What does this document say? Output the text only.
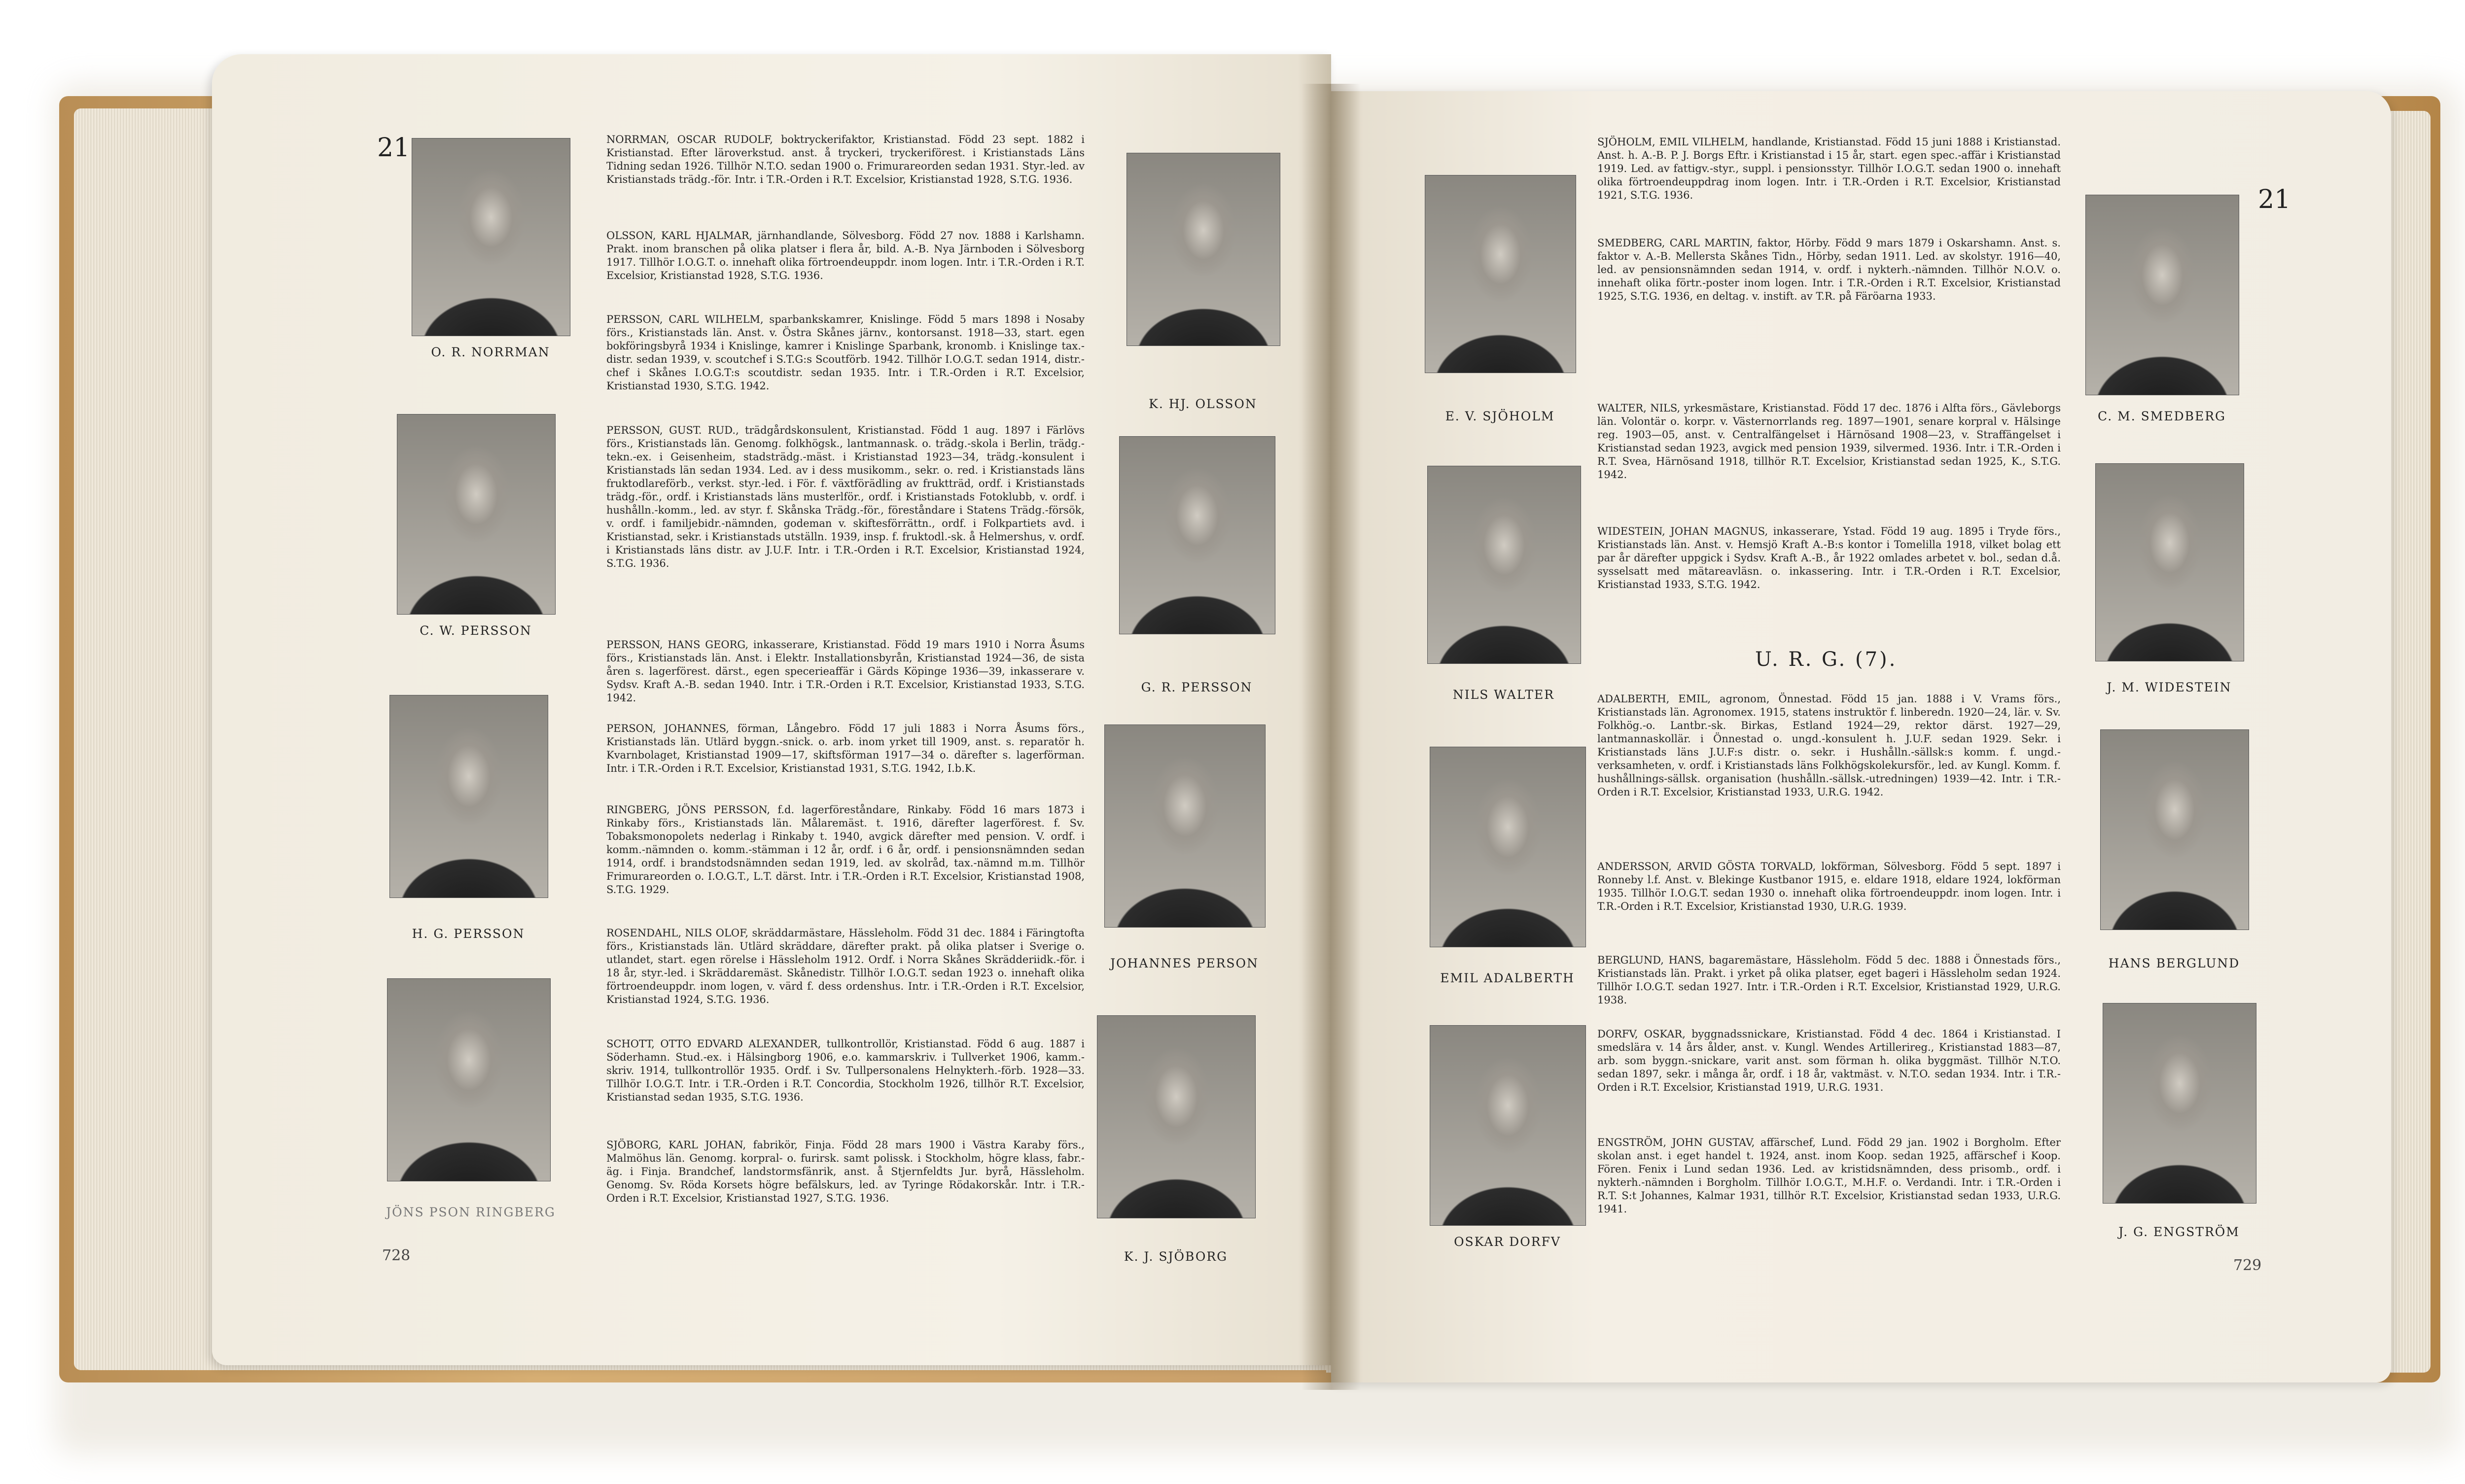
21
O. R. NORRMAN
C. W. PERSSON
H. G. PERSSON
JÖNS PSON RINGBERG
728
NORRMAN, OSCAR RUDOLF, boktryckerifaktor, Kristianstad. Född 23 sept. 1882 i Kristianstad. Efter läroverkstud. anst. å tryckeri, tryckeriförest. i Kristianstads Läns Tidning sedan 1926. Tillhör N.T.O. sedan 1900 o. Frimurareorden sedan 1931. Styr.-led. av Kristianstads trädg.-för. Intr. i T.R.-Orden i R.T. Excelsior, Kristianstad 1928, S.T.G. 1936.
OLSSON, KARL HJALMAR, järnhandlande, Sölvesborg. Född 27 nov. 1888 i Karlshamn. Prakt. inom branschen på olika platser i flera år, bild. A.-B. Nya Järnboden i Sölvesborg 1917. Tillhör I.O.G.T. o. innehaft olika förtroendeuppdr. inom logen. Intr. i T.R.-Orden i R.T. Excelsior, Kristianstad 1928, S.T.G. 1936.
PERSSON, CARL WILHELM, sparbankskamrer, Knislinge. Född 5 mars 1898 i Nosaby förs., Kristianstads län. Anst. v. Östra Skånes järnv., kontorsanst. 1918—33, start. egen bokföringsbyrå 1934 i Knislinge, kamrer i Knislinge Sparbank, kronomb. i Knislinge tax.-distr. sedan 1939, v. scoutchef i S.T.G:s Scoutförb. 1942. Tillhör I.O.G.T. sedan 1914, distr.-chef i Skånes I.O.G.T:s scoutdistr. sedan 1935. Intr. i T.R.-Orden i R.T. Excelsior, Kristianstad 1930, S.T.G. 1942.
PERSSON, GUST. RUD., trädgårdskonsulent, Kristianstad. Född 1 aug. 1897 i Färlövs förs., Kristianstads län. Genomg. folkhögsk., lantmannask. o. trädg.-skola i Berlin, trädg.-tekn.-ex. i Geisenheim, stadsträdg.-mäst. i Kristianstad 1923—34, trädg.-konsulent i Kristianstads län sedan 1934. Led. av i dess musikomm., sekr. o. red. i Kristianstads läns fruktodlareförb., verkst. styr.-led. i För. f. växtförädling av fruktträd, ordf. i Kristianstads trädg.-för., ordf. i Kristianstads läns musterlför., ordf. i Kristianstads Fotoklubb, v. ordf. i hushålln.-komm., led. av styr. f. Skånska Trädg.-för., föreståndare i Statens Trädg.-försök, v. ordf. i familjebidr.-nämnden, godeman v. skiftesförrättn., ordf. i Folkpartiets avd. i Kristianstad, sekr. i Kristianstads utställn. 1939, insp. f. fruktodl.-sk. å Helmershus, v. ordf. i Kristianstads läns distr. av J.U.F. Intr. i T.R.-Orden i R.T. Excelsior, Kristianstad 1924, S.T.G. 1936.
PERSSON, HANS GEORG, inkasserare, Kristianstad. Född 19 mars 1910 i Norra Åsums förs., Kristianstads län. Anst. i Elektr. Installationsbyrån, Kristianstad 1924—36, de sista åren s. lagerförest. därst., egen specerieaffär i Gärds Köpinge 1936—39, inkasserare v. Sydsv. Kraft A.-B. sedan 1940. Intr. i T.R.-Orden i R.T. Excelsior, Kristianstad 1933, S.T.G. 1942.
PERSON, JOHANNES, förman, Långebro. Född 17 juli 1883 i Norra Åsums förs., Kristianstads län. Utlärd byggn.-snick. o. arb. inom yrket till 1909, anst. s. reparatör h. Kvarnbolaget, Kristianstad 1909—17, skiftsförman 1917—34 o. därefter s. lagerförman. Intr. i T.R.-Orden i R.T. Excelsior, Kristianstad 1931, S.T.G. 1942, I.b.K.
RINGBERG, JÖNS PERSSON, f.d. lagerföreståndare, Rinkaby. Född 16 mars 1873 i Rinkaby förs., Kristianstads län. Målaremäst. t. 1916, därefter lagerförest. f. Sv. Tobaksmonopolets nederlag i Rinkaby t. 1940, avgick därefter med pension. V. ordf. i komm.-nämnden o. komm.-stämman i 12 år, ordf. i 6 år, ordf. i pensionsnämnden sedan 1914, ordf. i brandstodsnämnden sedan 1919, led. av skolråd, tax.-nämnd m.m. Tillhör Frimurareorden o. I.O.G.T., L.T. därst. Intr. i T.R.-Orden i R.T. Excelsior, Kristianstad 1908, S.T.G. 1929.
ROSENDAHL, NILS OLOF, skräddarmästare, Hässleholm. Född 31 dec. 1884 i Färingtofta förs., Kristianstads län. Utlärd skräddare, därefter prakt. på olika platser i Sverige o. utlandet, start. egen rörelse i Hässleholm 1912. Ordf. i Norra Skånes Skrädderiidk.-för. i 18 år, styr.-led. i Skräddaremäst. Skånedistr. Tillhör I.O.G.T. sedan 1923 o. innehaft olika förtroendeuppdr. inom logen, v. värd f. dess ordenshus. Intr. i T.R.-Orden i R.T. Excelsior, Kristianstad 1924, S.T.G. 1936.
SCHOTT, OTTO EDVARD ALEXANDER, tullkontrollör, Kristianstad. Född 6 aug. 1887 i Söderhamn. Stud.-ex. i Hälsingborg 1906, e.o. kammarskriv. i Tullverket 1906, kamm.-skriv. 1914, tullkontrollör 1935. Ordf. i Sv. Tullpersonalens Helnykterh.-förb. 1928—33. Tillhör I.O.G.T. Intr. i T.R.-Orden i R.T. Concordia, Stockholm 1926, tillhör R.T. Excelsior, Kristianstad sedan 1935, S.T.G. 1936.
SJÖBORG, KARL JOHAN, fabrikör, Finja. Född 28 mars 1900 i Västra Karaby förs., Malmöhus län. Genomg. korpral- o. furirsk. samt polissk. i Stockholm, högre klass, fabr.-äg. i Finja. Brandchef, landstormsfänrik, anst. å Stjernfeldts Jur. byrå, Hässleholm. Genomg. Sv. Röda Korsets högre befälskurs, led. av Tyringe Rödakorskår. Intr. i T.R.-Orden i R.T. Excelsior, Kristianstad 1927, S.T.G. 1936.
K. HJ. OLSSON
G. R. PERSSON
JOHANNES PERSON
K. J. SJÖBORG
E. V. SJÖHOLM
NILS WALTER
EMIL ADALBERTH
OSKAR DORFV
SJÖHOLM, EMIL VILHELM, handlande, Kristianstad. Född 15 juni 1888 i Kristianstad. Anst. h. A.-B. P. J. Borgs Eftr. i Kristianstad i 15 år, start. egen spec.-affär i Kristianstad 1919. Led. av fattigv.-styr., suppl. i pensionsstyr. Tillhör I.O.G.T. sedan 1900 o. innehaft olika förtroendeuppdrag inom logen. Intr. i T.R.-Orden i R.T. Excelsior, Kristianstad 1921, S.T.G. 1936.
SMEDBERG, CARL MARTIN, faktor, Hörby. Född 9 mars 1879 i Oskarshamn. Anst. s. faktor v. A.-B. Mellersta Skånes Tidn., Hörby, sedan 1911. Led. av skolstyr. 1916—40, led. av pensionsnämnden sedan 1914, v. ordf. i nykterh.-nämnden. Tillhör N.O.V. o. innehaft olika förtr.-poster inom logen. Intr. i T.R.-Orden i R.T. Excelsior, Kristianstad 1925, S.T.G. 1936, en deltag. v. instift. av T.R. på Färöarna 1933.
WALTER, NILS, yrkesmästare, Kristianstad. Född 17 dec. 1876 i Alfta förs., Gävleborgs län. Volontär o. korpr. v. Västernorrlands reg. 1897—1901, senare korpral v. Hälsinge reg. 1903—05, anst. v. Centralfängelset i Härnösand 1908—23, v. Straffängelset i Kristianstad sedan 1923, avgick med pension 1939, silvermed. 1936. Intr. i T.R.-Orden i R.T. Svea, Härnösand 1918, tillhör R.T. Excelsior, Kristianstad sedan 1925, K., S.T.G. 1942.
WIDESTEIN, JOHAN MAGNUS, inkasserare, Ystad. Född 19 aug. 1895 i Tryde förs., Kristianstads län. Anst. v. Hemsjö Kraft A.-B:s kontor i Tomelilla 1918, vilket bolag ett par år därefter uppgick i Sydsv. Kraft A.-B., år 1922 omlades arbetet v. bol., sedan d.å. sysselsatt med mätareavläsn. o. inkassering. Intr. i T.R.-Orden i R.T. Excelsior, Kristianstad 1933, S.T.G. 1942.
U. R. G. (7).
ADALBERTH, EMIL, agronom, Önnestad. Född 15 jan. 1888 i V. Vrams förs., Kristianstads län. Agronomex. 1915, statens instruktör f. linberedn. 1920—24, lär. v. Sv. Folkhög.-o. Lantbr.-sk. Birkas, Estland 1924—29, rektor därst. 1927—29, lantmannaskollär. i Önnestad o. ungd.-konsulent h. J.U.F. sedan 1929. Sekr. i Kristianstads läns J.U.F:s distr. o. sekr. i Hushålln.-sällsk:s komm. f. ungd.-verksamheten, v. ordf. i Kristianstads läns Folkhögskolekursför., led. av Kungl. Komm. f. hushållnings-sällsk. organisation (hushålln.-sällsk.-utredningen) 1939—42. Intr. i T.R.-Orden i R.T. Excelsior, Kristianstad 1933, U.R.G. 1942.
ANDERSSON, ARVID GÖSTA TORVALD, lokförman, Sölvesborg. Född 5 sept. 1897 i Ronneby l.f. Anst. v. Blekinge Kustbanor 1915, e. eldare 1918, eldare 1924, lokförman 1935. Tillhör I.O.G.T. sedan 1930 o. innehaft olika förtroendeuppdr. inom logen. Intr. i T.R.-Orden i R.T. Excelsior, Kristianstad 1930, U.R.G. 1939.
BERGLUND, HANS, bagaremästare, Hässleholm. Född 5 dec. 1888 i Önnestads förs., Kristianstads län. Prakt. i yrket på olika platser, eget bageri i Hässleholm sedan 1924. Tillhör I.O.G.T. sedan 1927. Intr. i T.R.-Orden i R.T. Excelsior, Kristianstad 1929, U.R.G. 1938.
DORFV, OSKAR, byggnadssnickare, Kristianstad. Född 4 dec. 1864 i Kristianstad. I smedslära v. 14 års ålder, anst. v. Kungl. Wendes Artillerireg., Kristianstad 1883—87, arb. som byggn.-snickare, varit anst. som förman h. olika byggmäst. Tillhör N.T.O. sedan 1897, sekr. i många år, ordf. i 18 år, vaktmäst. v. N.T.O. sedan 1934. Intr. i T.R.-Orden i R.T. Excelsior, Kristianstad 1919, U.R.G. 1931.
ENGSTRÖM, JOHN GUSTAV, affärschef, Lund. Född 29 jan. 1902 i Borgholm. Efter skolan anst. i eget handel t. 1924, anst. inom Koop. sedan 1925, affärschef i Koop. Fören. Fenix i Lund sedan 1936. Led. av kristidsnämnden, dess prisomb., ordf. i nykterh.-nämnden i Borgholm. Tillhör I.O.G.T., M.H.F. o. Verdandi. Intr. i T.R.-Orden i R.T. S:t Johannes, Kalmar 1931, tillhör R.T. Excelsior, Kristianstad sedan 1933, U.R.G. 1941.
C. M. SMEDBERG
21
J. M. WIDESTEIN
HANS BERGLUND
J. G. ENGSTRÖM
729
